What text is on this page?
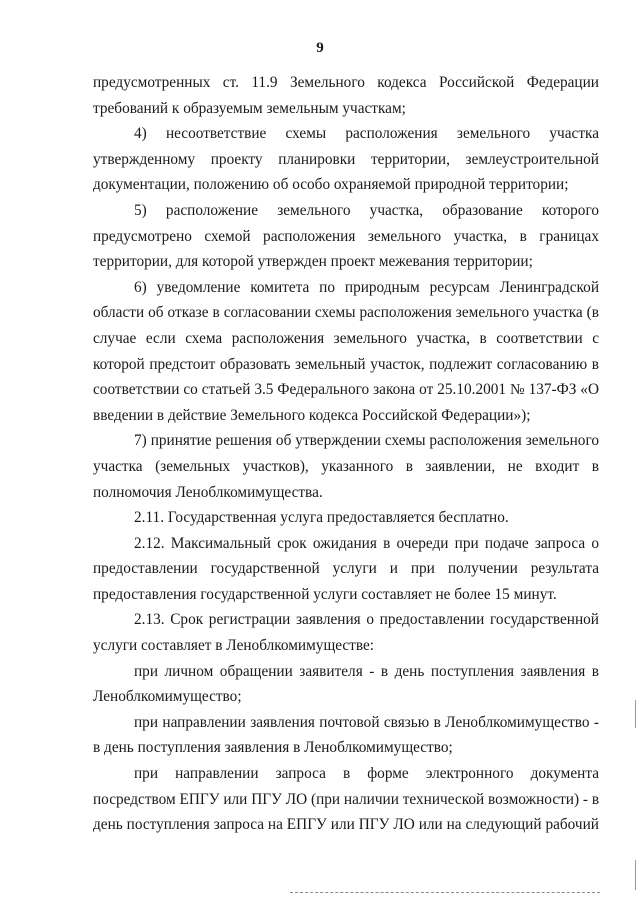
9
предусмотренных ст. 11.9 Земельного кодекса Российской Федерации
требований к образуемым земельным участкам;
4) несоответствие схемы расположения земельного участка
утвержденному проекту планировки территории, землеустроительной
документации, положению об особо охраняемой природной территории;
5) расположение земельного участка, образование которого
предусмотрено схемой расположения земельного участка, в границах
территории, для которой утвержден проект межевания территории;
6) уведомление комитета по природным ресурсам Ленинградской
области об отказе в согласовании схемы расположения земельного участка (в
случае если схема расположения земельного участка, в соответствии с
которой предстоит образовать земельный участок, подлежит согласованию в
соответствии со статьей 3.5 Федерального закона от 25.10.2001 № 137-ФЗ «О
введении в действие Земельного кодекса Российской Федерации»);
7) принятие решения об утверждении схемы расположения земельного
участка (земельных участков), указанного в заявлении, не входит в
полномочия Леноблкомимущества.
2.11. Государственная услуга предоставляется бесплатно.
2.12. Максимальный срок ожидания в очереди при подаче запроса о
предоставлении государственной услуги и при получении результата
предоставления государственной услуги составляет не более 15 минут.
2.13. Срок регистрации заявления о предоставлении государственной
услуги составляет в Леноблкомимуществе:
при личном обращении заявителя - в день поступления заявления в
Леноблкомимущество;
при направлении заявления почтовой связью в Леноблкомимущество -
в день поступления заявления в Леноблкомимущество;
при направлении запроса в форме электронного документа
посредством ЕПГУ или ПГУ ЛО (при наличии технической возможности) - в
день поступления запроса на ЕПГУ или ПГУ ЛО или на следующий рабочий
